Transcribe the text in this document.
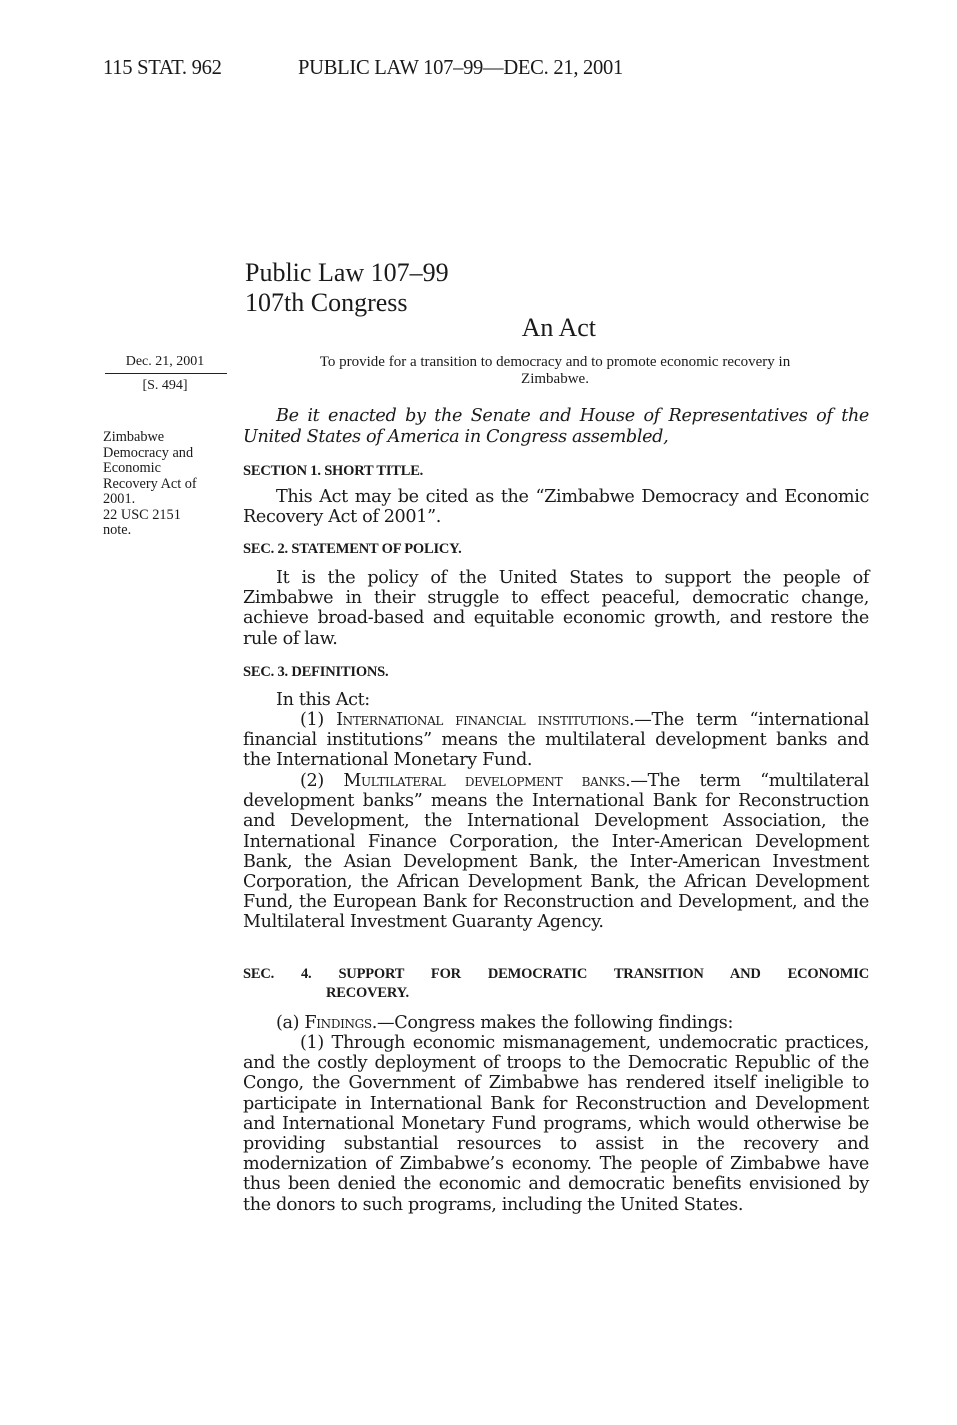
115 STAT. 962	PUBLIC LAW 107–99—DEC. 21, 2001
Public Law 107–99
107th Congress
An Act
Dec. 21, 2001
[S. 494]
To provide for a transition to democracy and to promote economic recovery in
Zimbabwe.
Zimbabwe
Democracy and
Economic
Recovery Act of
2001.
22 USC 2151
note.
Be it enacted by the Senate and House of Representatives of the United States of America in Congress assembled,
SECTION 1. SHORT TITLE.
This Act may be cited as the “Zimbabwe Democracy and Economic Recovery Act of 2001”.
SEC. 2. STATEMENT OF POLICY.
It is the policy of the United States to support the people of Zimbabwe in their struggle to effect peaceful, democratic change, achieve broad-based and equitable economic growth, and restore the rule of law.
SEC. 3. DEFINITIONS.
In this Act:
(1) International financial institutions.—The term “international financial institutions” means the multilateral development banks and the International Monetary Fund.
(2) Multilateral development banks.—The term “multilateral development banks” means the International Bank for Reconstruction and Development, the International Development Association, the International Finance Corporation, the Inter-American Development Bank, the Asian Development Bank, the Inter-American Investment Corporation, the African Development Bank, the African Development Fund, the European Bank for Reconstruction and Development, and the Multilateral Investment Guaranty Agency.
SEC. 4. SUPPORT FOR DEMOCRATIC TRANSITION AND ECONOMIC
RECOVERY.
(a) Findings.—Congress makes the following findings:
(1) Through economic mismanagement, undemocratic practices, and the costly deployment of troops to the Democratic Republic of the Congo, the Government of Zimbabwe has rendered itself ineligible to participate in International Bank for Reconstruction and Development and International Monetary Fund programs, which would otherwise be providing substantial resources to assist in the recovery and modernization of Zimbabwe’s economy. The people of Zimbabwe have thus been denied the economic and democratic benefits envisioned by the donors to such programs, including the United States.
